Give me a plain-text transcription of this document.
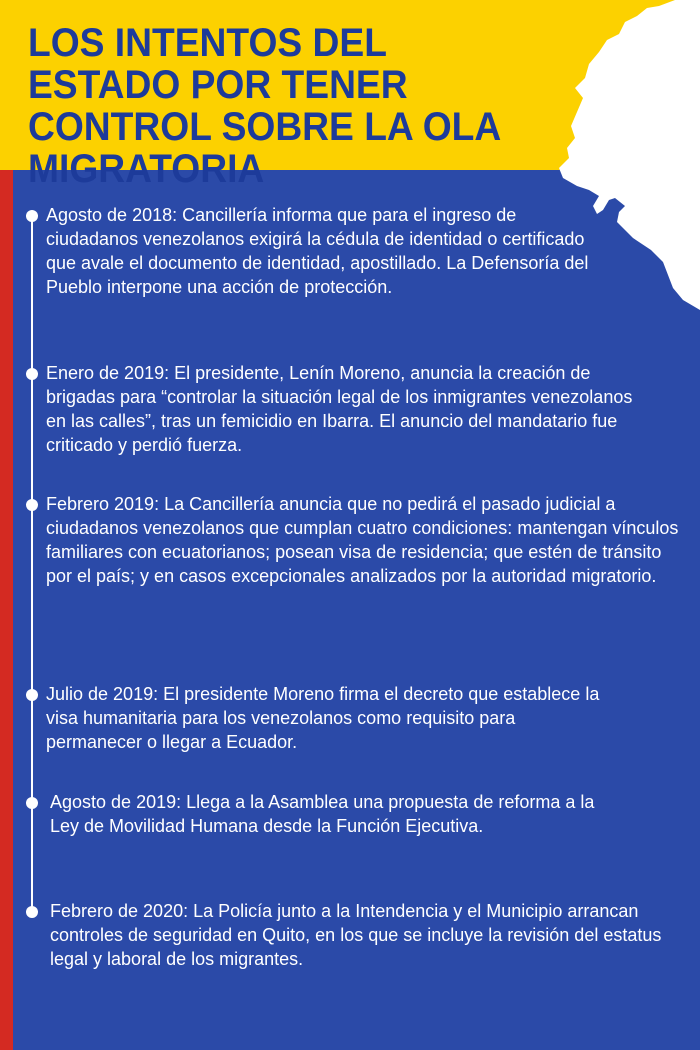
LOS INTENTOS DEL ESTADO POR TENER CONTROL SOBRE LA OLA MIGRATORIA
Agosto de 2018: Cancillería informa que para el ingreso de ciudadanos venezolanos exigirá la cédula de identidad o certificado que avale el documento de identidad, apostillado. La Defensoría del Pueblo interpone una acción de protección.
Enero de 2019: El presidente, Lenín Moreno, anuncia la creación de brigadas para “controlar la situación legal de los inmigrantes venezolanos en las calles”, tras un femicidio en Ibarra. El anuncio del mandatario fue criticado y perdió fuerza.
Febrero 2019: La Cancillería anuncia que no pedirá el pasado judicial a ciudadanos venezolanos que cumplan cuatro condiciones: mantengan vínculos familiares con ecuatorianos; posean visa de residencia; que estén de tránsito por el país; y en casos excepcionales analizados por la autoridad migratorio.
Julio de 2019: El presidente Moreno firma el decreto que establece la visa humanitaria para los venezolanos como requisito para permanecer o llegar a Ecuador.
Agosto de 2019: Llega a la Asamblea una propuesta de reforma a la Ley de Movilidad Humana desde la Función Ejecutiva.
Febrero de 2020: La Policía junto a la Intendencia y el Municipio arrancan controles de seguridad en Quito, en los que se incluye la revisión del estatus legal y laboral de los migrantes.
